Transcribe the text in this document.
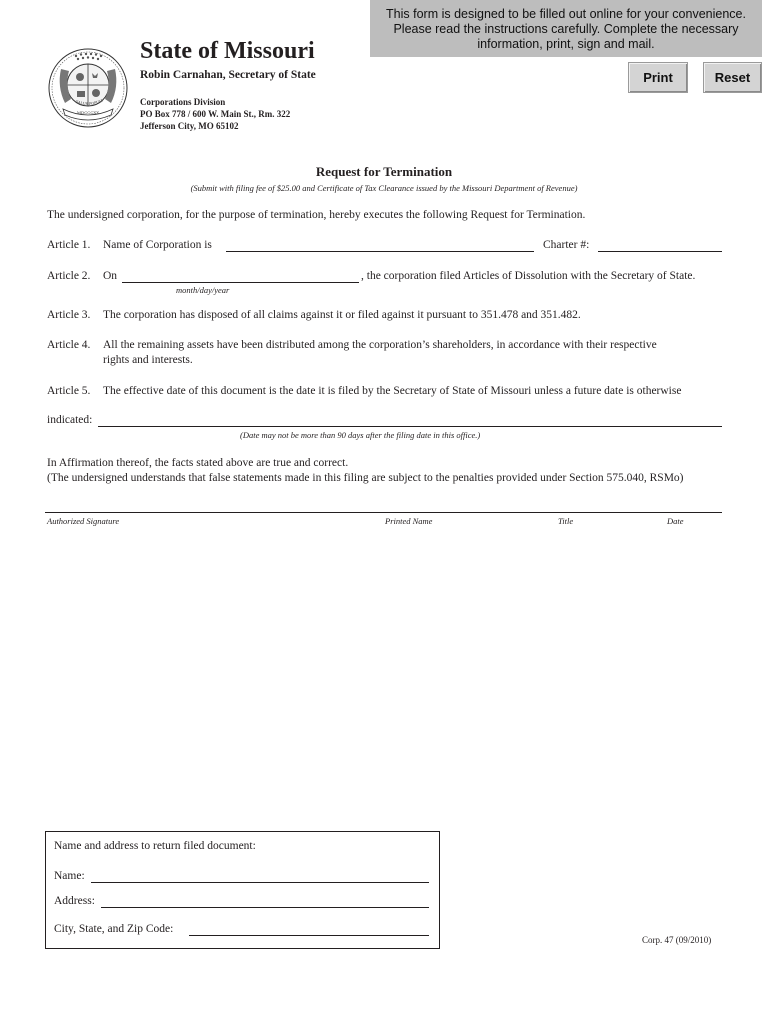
This form is designed to be filled out online for your convenience.
Please read the instructions carefully. Complete the necessary
information, print, sign and mail.
Print	Reset
MDCCCXX
SALUS POPULI
State of Missouri
Robin Carnahan, Secretary of State
Corporations Division
PO Box 778 / 600 W. Main St., Rm. 322
Jefferson City, MO 65102
Request for Termination
(Submit with filing fee of $25.00 and Certificate of Tax Clearance issued by the Missouri Department of Revenue)
The undersigned corporation, for the purpose of termination, hereby executes the following Request for Termination.
Article 1. Name of Corporation is	Charter #:
Article 2. On	, the corporation filed Articles of Dissolution with the Secretary of State.
month/day/year
Article 3. The corporation has disposed of all claims against it or filed against it pursuant to 351.478 and 351.482.
Article 4. All the remaining assets have been distributed among the corporation’s shareholders, in accordance with their respective
rights and interests.
Article 5. The effective date of this document is the date it is filed by the Secretary of State of Missouri unless a future date is otherwise
indicated:
(Date may not be more than 90 days after the filing date in this office.)
In Affirmation thereof, the facts stated above are true and correct.
(The undersigned understands that false statements made in this filing are subject to the penalties provided under Section 575.040, RSMo)
Authorized Signature	Printed Name	Title	Date
Name and address to return filed document:
Name:
Address:
City, State, and Zip Code:
Corp. 47 (09/2010)
